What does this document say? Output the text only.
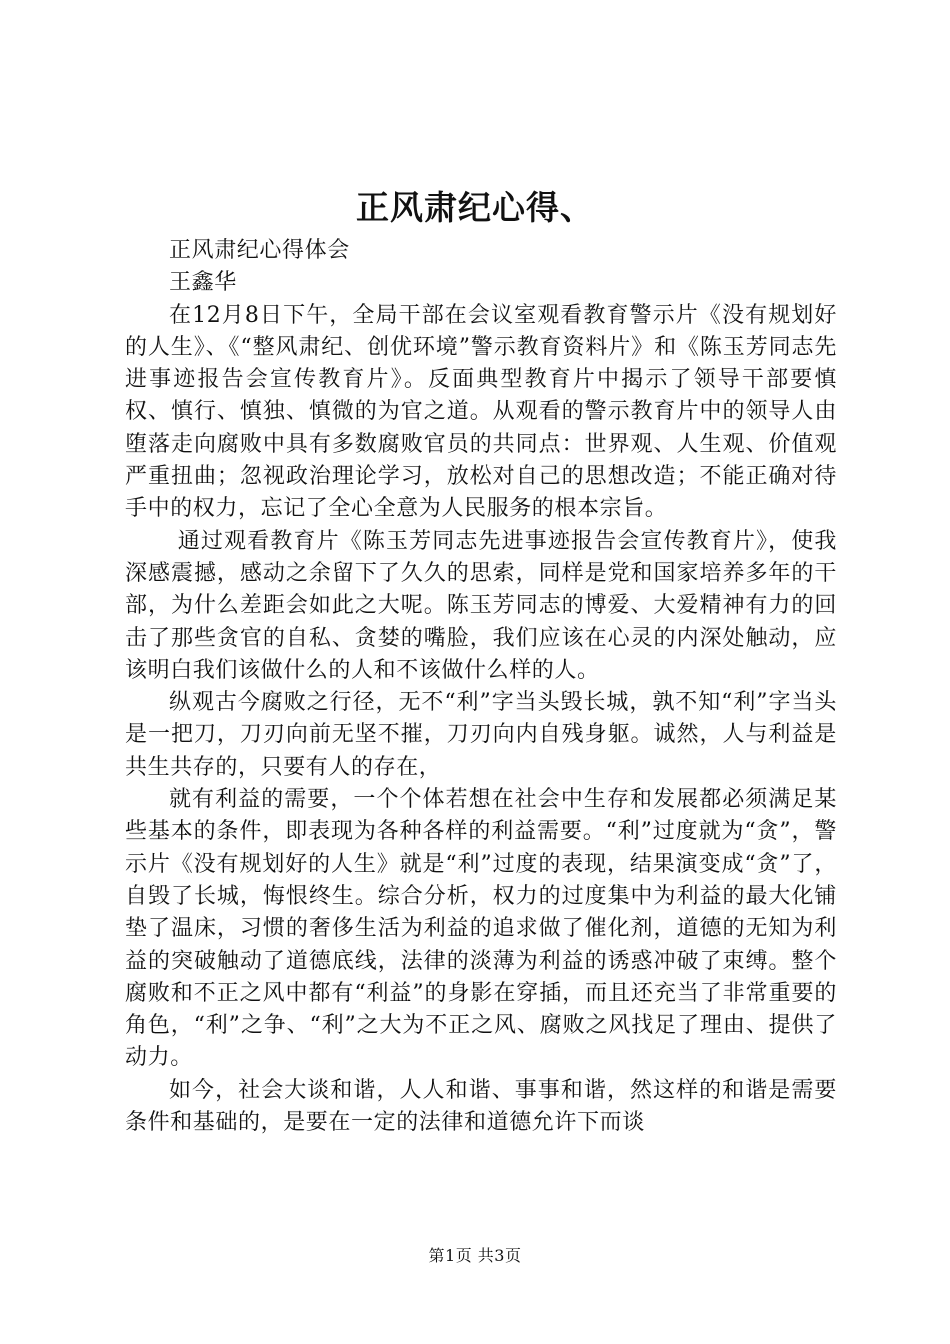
正风肃纪心得、

正风肃纪心得体会

王鑫华

在12月8日下午，全局干部在会议室观看教育警示片《没有规划好的人生》、《“整风肃纪、创优环境”警示教育资料片》和《陈玉芳同志先进事迹报告会宣传教育片》。反面典型教育片中揭示了领导干部要慎权、慎行、慎独、慎微的为官之道。从观看的警示教育片中的领导人由堕落走向腐败中具有多数腐败官员的共同点：世界观、人生观、价值观严重扭曲；忽视政治理论学习，放松对自己的思想改造；不能正确对待手中的权力，忘记了全心全意为人民服务的根本宗旨。

通过观看教育片《陈玉芳同志先进事迹报告会宣传教育片》，使我深感震撼，感动之余留下了久久的思索，同样是党和国家培养多年的干部，为什么差距会如此之大呢。陈玉芳同志的博爱、大爱精神有力的回击了那些贪官的自私、贪婪的嘴脸，我们应该在心灵的内深处触动，应该明白我们该做什么的人和不该做什么样的人。

纵观古今腐败之行径，无不“利”字当头毁长城，孰不知“利”字当头是一把刀，刀刃向前无坚不摧，刀刃向内自残身躯。诚然，人与利益是共生共存的，只要有人的存在，

就有利益的需要，一个个体若想在社会中生存和发展都必须满足某些基本的条件，即表现为各种各样的利益需要。“利”过度就为“贪”，警示片《没有规划好的人生》就是“利”过度的表现，结果演变成“贪”了，自毁了长城，悔恨终生。综合分析，权力的过度集中为利益的最大化铺垫了温床，习惯的奢侈生活为利益的追求做了催化剂，道德的无知为利益的突破触动了道德底线，法律的淡薄为利益的诱惑冲破了束缚。整个腐败和不正之风中都有“利益”的身影在穿插，而且还充当了非常重要的角色，“利”之争、“利”之大为不正之风、腐败之风找足了理由、提供了动力。

如今，社会大谈和谐，人人和谐、事事和谐，然这样的和谐是需要条件和基础的，是要在一定的法律和道德允许下而谈

第1页 共3页
